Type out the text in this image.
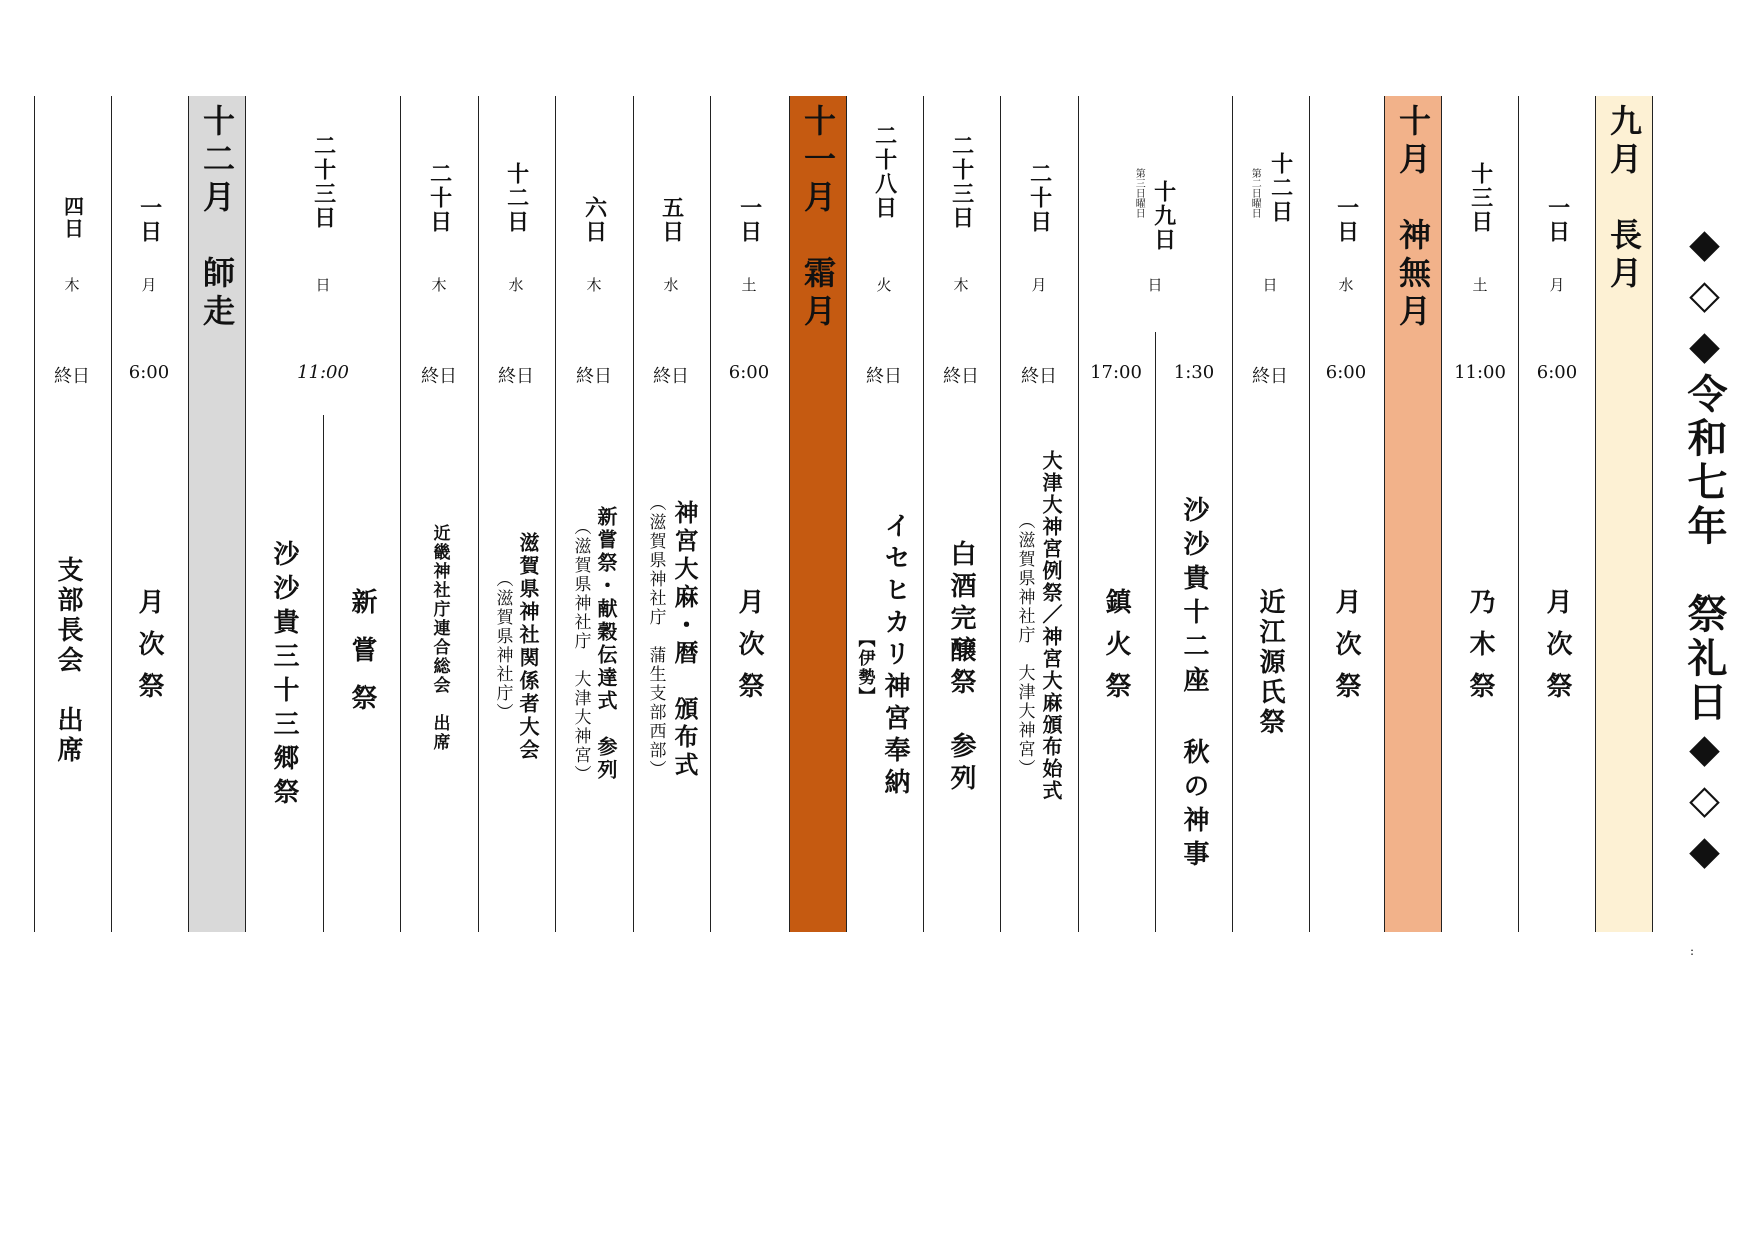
◆◇◆令和七年　祭礼日◆◇◆
九月　長月
十月　神無月
十一月　霜月
十二月　師走	一日
月
6:00
月次祭
十三日
土
11:00
乃木祭
一日
水
6:00
月次祭
十二日
第二日曜日
日
終日
近江源氏祭
十九日
第三日曜日
日
1:30
沙沙貴十二座 秋の神事
17:00
鎮火祭
二十日
月
終日
大津大神宮例祭／神宮大麻頒布始式
（滋賀県神社庁　大津大神宮）
二十三日
木
終日
白酒完醸祭　参列
二十八日
火
終日
イセヒカリ神宮奉納
【伊勢】
一日
土
6:00
月次祭
五日
水
終日
神宮大麻・暦　頒布式
（滋賀県神社庁　蒲生支部西部）
六日
木
終日
新嘗祭・献穀伝達式　参列
（滋賀県神社庁　大津大神宮）
十二日
水
終日
滋賀県神社関係者大会
（滋賀県神社庁）
二十日
木
終日
近畿神社庁連合総会　出席
二十三日
日
11:00
新嘗祭
沙沙貴三十三郷祭
一日
月
6:00
月次祭
四日
木
終日
支部長会　出席
:
